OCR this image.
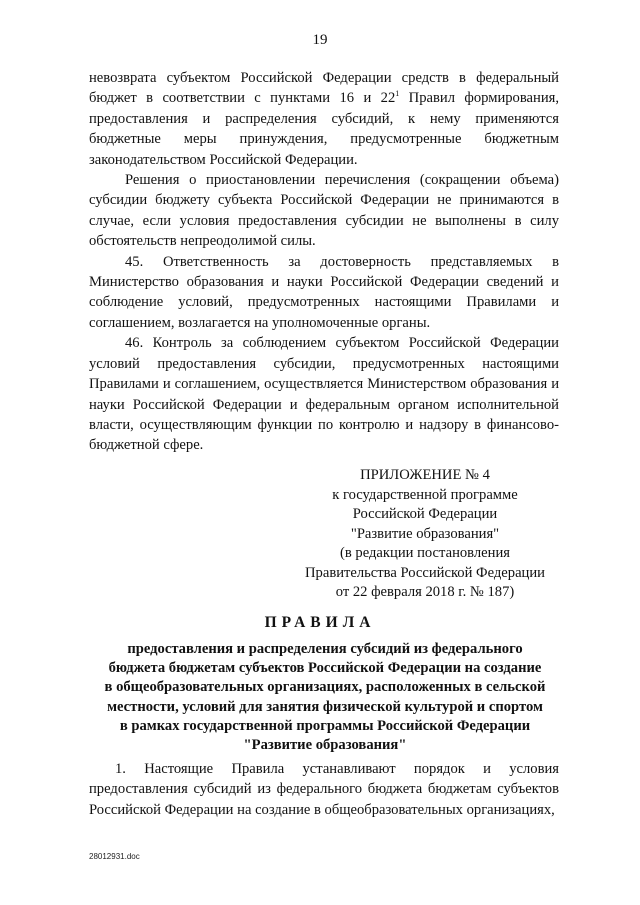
19

невозврата субъектом Российской Федерации средств в федеральный бюджет в соответствии с пунктами 16 и $22^1$ Правил формирования, предоставления и распределения субсидий, к нему применяются бюджетные меры принуждения, предусмотренные бюджетным законодательством Российской Федерации.

Решения о приостановлении перечисления (сокращении объема) субсидии бюджету субъекта Российской Федерации не принимаются в случае, если условия предоставления субсидии не выполнены в силу обстоятельств непреодолимой силы.

45. Ответственность за достоверность представляемых в Министерство образования и науки Российской Федерации сведений и соблюдение условий, предусмотренных настоящими Правилами и соглашением, возлагается на уполномоченные органы.

46. Контроль за соблюдением субъектом Российской Федерации условий предоставления субсидии, предусмотренных настоящими Правилами и соглашением, осуществляется Министерством образования и науки Российской Федерации и федеральным органом исполнительной власти, осуществляющим функции по контролю и надзору в финансово-бюджетной сфере.

ПРИЛОЖЕНИЕ № 4
к государственной программе
Российской Федерации
"Развитие образования"
(в редакции постановления
Правительства Российской Федерации
от 22 февраля 2018 г. № 187)
ПРАВИЛА
предоставления и распределения субсидий из федерального
бюджета бюджетам субъектов Российской Федерации на создание
в общеобразовательных организациях, расположенных в сельской
местности, условий для занятия физической культурой и спортом
в рамках государственной программы Российской Федерации
"Развитие образования"

1. Настоящие Правила устанавливают порядок и условия предоставления субсидий из федерального бюджета бюджетам субъектов Российской Федерации на создание в общеобразовательных организациях,

28012931.doc
